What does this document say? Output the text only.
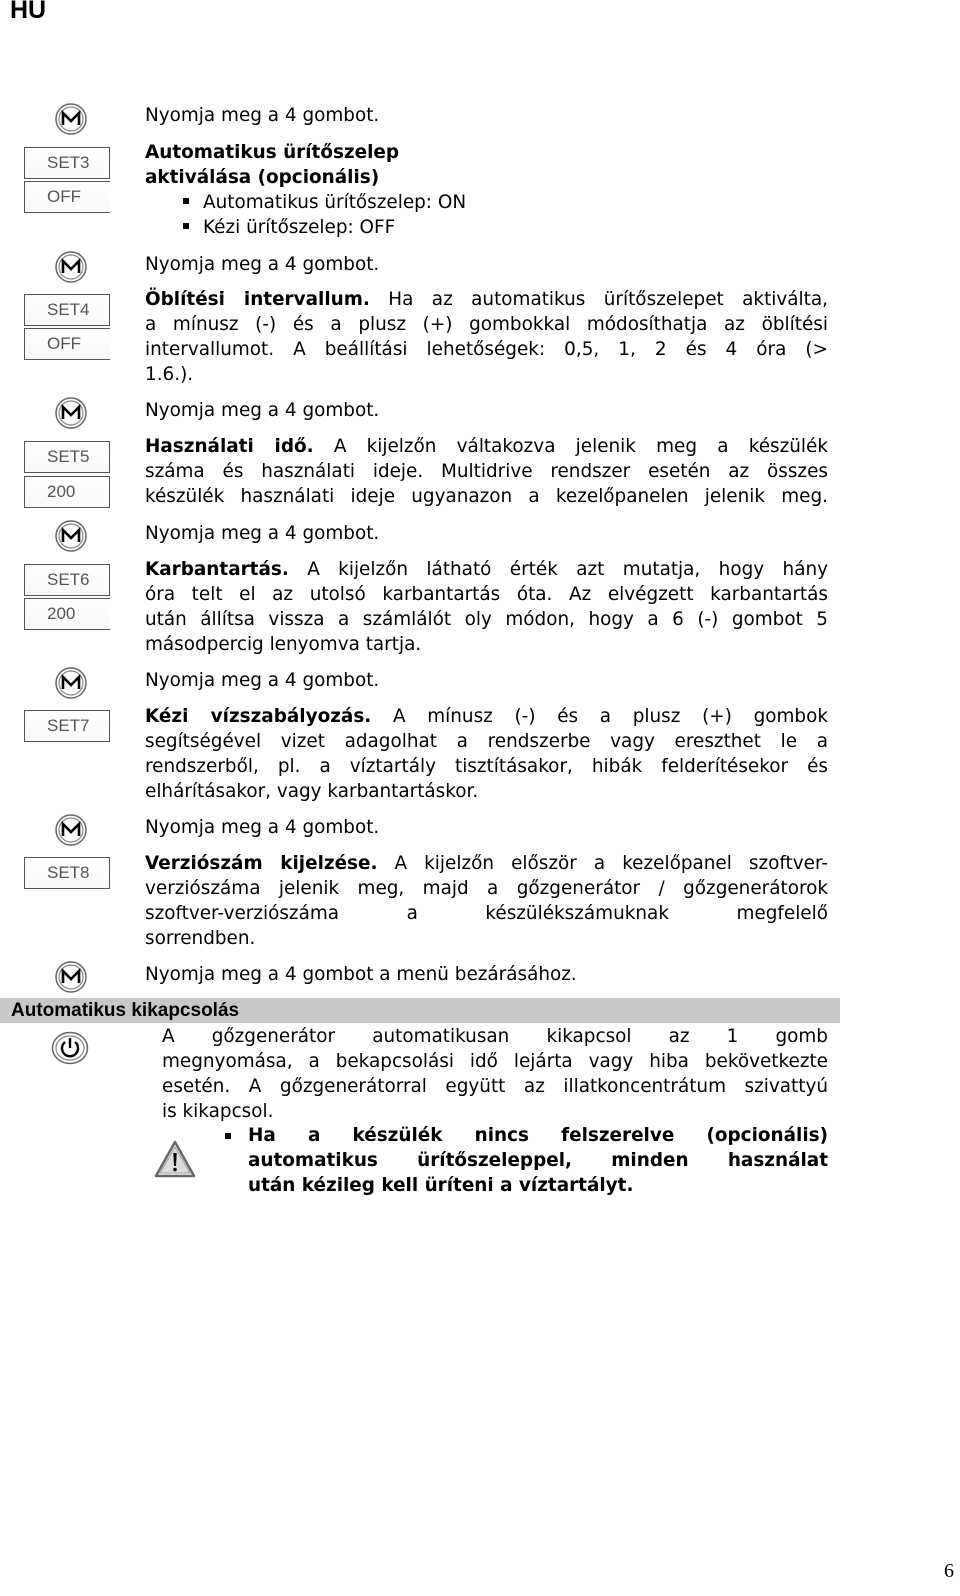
HU
Nyomja meg a 4 gombot.
SET3
OFF
Automatikus ürítőszelep
aktiválása (opcionális)
Automatikus ürítőszelep: ON
Kézi ürítőszelep: OFF
Nyomja meg a 4 gombot.
SET4
OFF
Öblítési intervallum. Ha az automatikus ürítőszelepet aktiválta,
a mínusz (-) és a plusz (+) gombokkal módosíthatja az öblítési
intervallumot. A beállítási lehetőségek: 0,5, 1, 2 és 4 óra (>
1.6.).
Nyomja meg a 4 gombot.
SET5
200
Használati idő. A kijelzőn váltakozva jelenik meg a készülék
száma és használati ideje. Multidrive rendszer esetén az összes
készülék használati ideje ugyanazon a kezelőpanelen jelenik meg.
Nyomja meg a 4 gombot.
SET6
200
Karbantartás. A kijelzőn látható érték azt mutatja, hogy hány
óra telt el az utolsó karbantartás óta. Az elvégzett karbantartás
után állítsa vissza a számlálót oly módon, hogy a 6 (-) gombot 5
másodpercig lenyomva tartja.
Nyomja meg a 4 gombot.
SET7	Kézi vízszabályozás. A mínusz (-) és a plusz (+) gombok
segítségével vizet adagolhat a rendszerbe vagy ereszthet le a
rendszerből, pl. a víztartály tisztításakor, hibák felderítésekor és
elhárításakor, vagy karbantartáskor.
Nyomja meg a 4 gombot.
SET8	Verziószám kijelzése. A kijelzőn először a kezelőpanel szoftver-
verziószáma jelenik meg, majd a gőzgenerátor / gőzgenerátorok
szoftver-verziószáma a készülékszámuknak megfelelő
sorrendben.
Nyomja meg a 4 gombot a menü bezárásához.
Automatikus kikapcsolás
A gőzgenerátor automatikusan kikapcsol az 1 gomb
megnyomása, a bekapcsolási idő lejárta vagy hiba bekövetkezte
esetén. A gőzgenerátorral együtt az illatkoncentrátum szivattyú
is kikapcsol.
Ha a készülék nincs felszerelve (opcionális)
automatikus ürítőszeleppel, minden használat
után kézileg kell üríteni a víztartályt.
6
